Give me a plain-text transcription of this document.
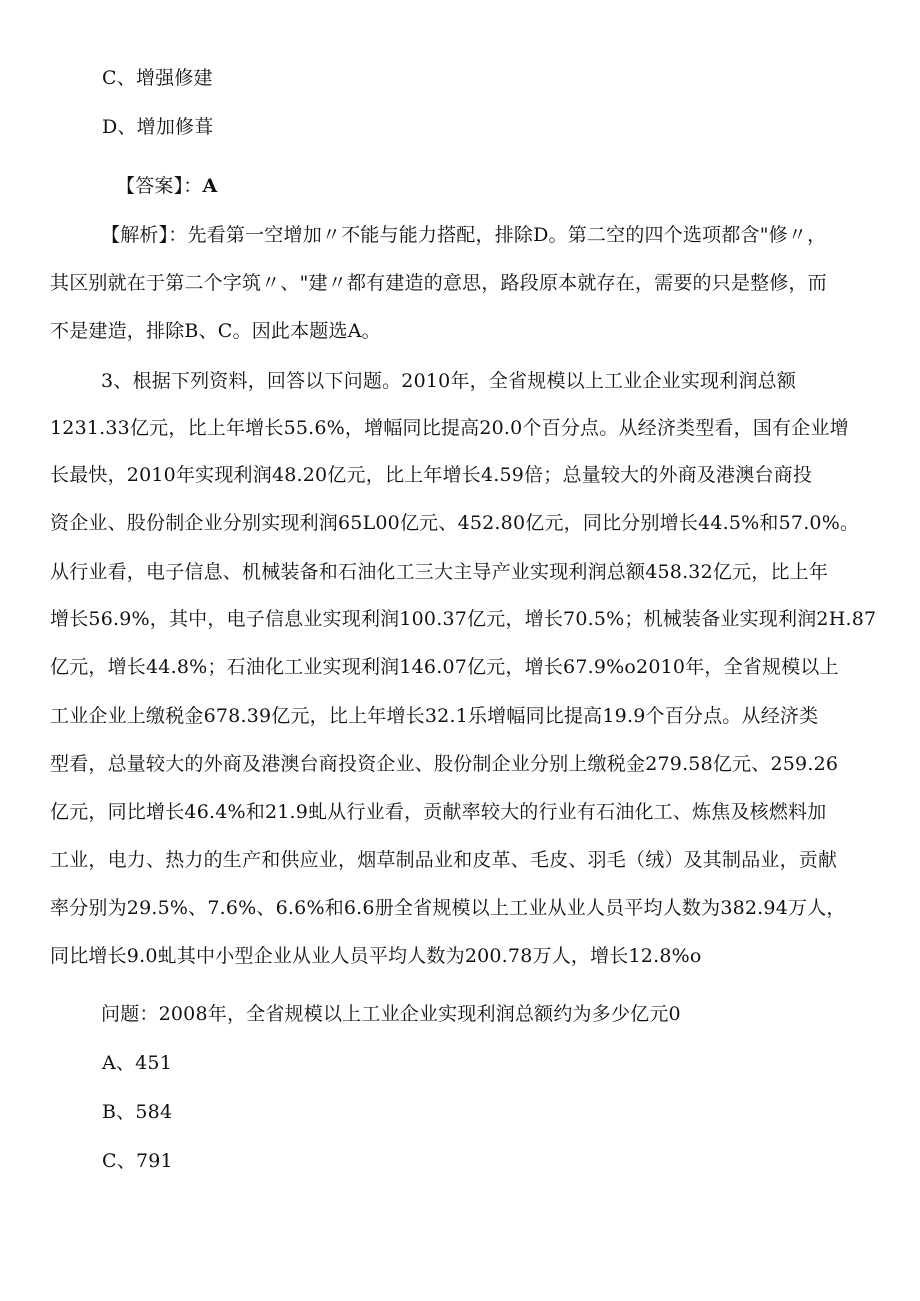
C、增强修建
D、增加修葺
【答案】：A
【解析】：先看第一空增加〃不能与能力搭配，排除D。第二空的四个选项都含"修〃，
其区别就在于第二个字筑〃、"建〃都有建造的意思，路段原本就存在，需要的只是整修，而
不是建造，排除B、C。因此本题选A。
3、根据下列资料，回答以下问题。2010年，全省规模以上工业企业实现利润总额
1231.33亿元，比上年增长55.6%，增幅同比提高20.0个百分点。从经济类型看，国有企业增
长最快，2010年实现利润48.20亿元，比上年增长4.59倍；总量较大的外商及港澳台商投
资企业、股份制企业分别实现利润65L00亿元、452.80亿元，同比分别增长44.5%和57.0%。
从行业看，电子信息、机械装备和石油化工三大主导产业实现利润总额458.32亿元，比上年
增长56.9%，其中，电子信息业实现利润100.37亿元，增长70.5%；机械装备业实现利润2H.87
亿元，增长44.8%；石油化工业实现利润146.07亿元，增长67.9%o2010年，全省规模以上
工业企业上缴税金678.39亿元，比上年增长32.1乐增幅同比提高19.9个百分点。从经济类
型看，总量较大的外商及港澳台商投资企业、股份制企业分别上缴税金279.58亿元、259.26
亿元，同比增长46.4%和21.9虬从行业看，贡献率较大的行业有石油化工、炼焦及核燃料加
工业，电力、热力的生产和供应业，烟草制品业和皮革、毛皮、羽毛（绒）及其制品业，贡献
率分别为29.5%、7.6%、6.6%和6.6册全省规模以上工业从业人员平均人数为382.94万人，
同比增长9.0虬其中小型企业从业人员平均人数为200.78万人，增长12.8%o
问题：2008年，全省规模以上工业企业实现利润总额约为多少亿元0
A、451
B、584
C、791
